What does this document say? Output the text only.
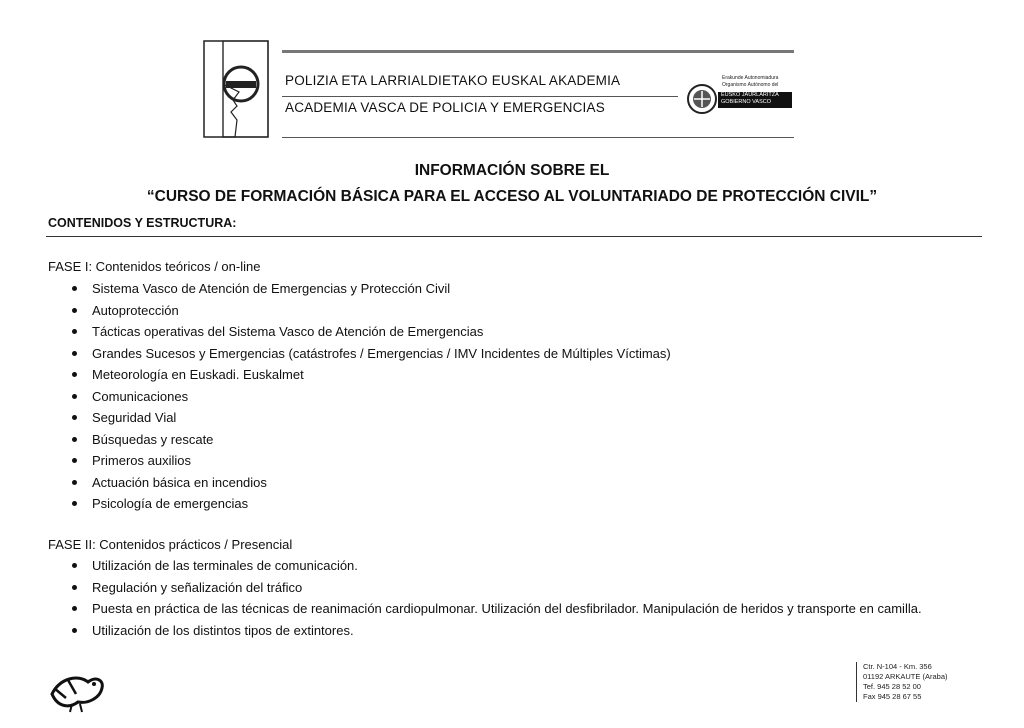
POLIZIA ETA LARRIALDIETAKO EUSKAL AKADEMIA
ACADEMIA VASCA DE POLICIA Y EMERGENCIAS
Erakunde Autonomiadura
Organismo Autónomo del
EUSKO JAURLARITZA
GOBIERNO VASCO
INFORMACIÓN SOBRE EL
“CURSO DE FORMACIÓN BÁSICA PARA EL ACCESO AL VOLUNTARIADO DE PROTECCIÓN CIVIL”
CONTENIDOS Y ESTRUCTURA:
FASE I: Contenidos teóricos / on-line
Sistema Vasco de Atención de Emergencias y Protección Civil
Autoprotección
Tácticas operativas del Sistema Vasco de Atención de Emergencias
Grandes Sucesos y Emergencias (catástrofes / Emergencias / IMV Incidentes de Múltiples Víctimas)
Meteorología en Euskadi. Euskalmet
Comunicaciones
Seguridad Vial
Búsquedas y rescate
Primeros auxilios
Actuación básica en incendios
Psicología de emergencias
FASE II: Contenidos prácticos / Presencial
Utilización de las terminales de comunicación.
Regulación y señalización del tráfico
Puesta en práctica de las técnicas de reanimación cardiopulmonar. Utilización del desfibrilador. Manipulación de heridos y transporte en camilla.
Utilización de los distintos tipos de extintores.
Ctr. N-104 - Km. 356
01192 ARKAUTE (Araba)
Tef. 945 28 52 00
Fax 945 28 67 55
